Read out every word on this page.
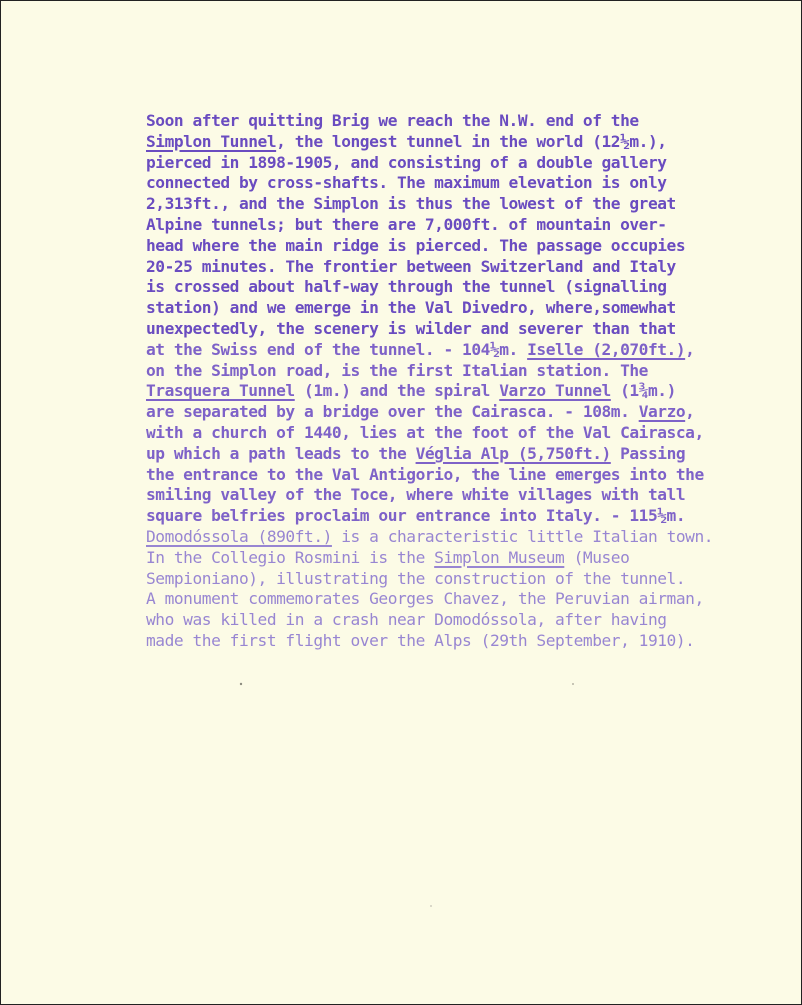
Soon after quitting Brig we reach the N.W. end of the
Simplon Tunnel, the longest tunnel in the world (12½m.),
pierced in 1898-1905, and consisting of a double gallery
connected by cross-shafts. The maximum elevation is only
2,313ft., and the Simplon is thus the lowest of the great
Alpine tunnels; but there are 7,000ft. of mountain over-
head where the main ridge is pierced. The passage occupies
20-25 minutes. The frontier between Switzerland and Italy
is crossed about half-way through the tunnel (signalling
station) and we emerge in the Val Divedro, where,somewhat
unexpectedly, the scenery is wilder and severer than that
at the Swiss end of the tunnel. - 104½m. Iselle (2,070ft.),
on the Simplon road, is the first Italian station. The
Trasquera Tunnel (1m.) and the spiral Varzo Tunnel (1¾m.)
are separated by a bridge over the Cairasca. - 108m. Varzo,
with a church of 1440, lies at the foot of the Val Cairasca,
up which a path leads to the Véglia Alp (5,750ft.) Passing
the entrance to the Val Antigorio, the line emerges into the
smiling valley of the Toce, where white villages with tall
square belfries proclaim our entrance into Italy. - 115½m.
Domodóssola (890ft.) is a characteristic little Italian town.
In the Collegio Rosmini is the Simplon Museum (Museo
Sempioniano), illustrating the construction of the tunnel.
A monument commemorates Georges Chavez, the Peruvian airman,
who was killed in a crash near Domodóssola, after having
made the first flight over the Alps (29th September, 1910).
